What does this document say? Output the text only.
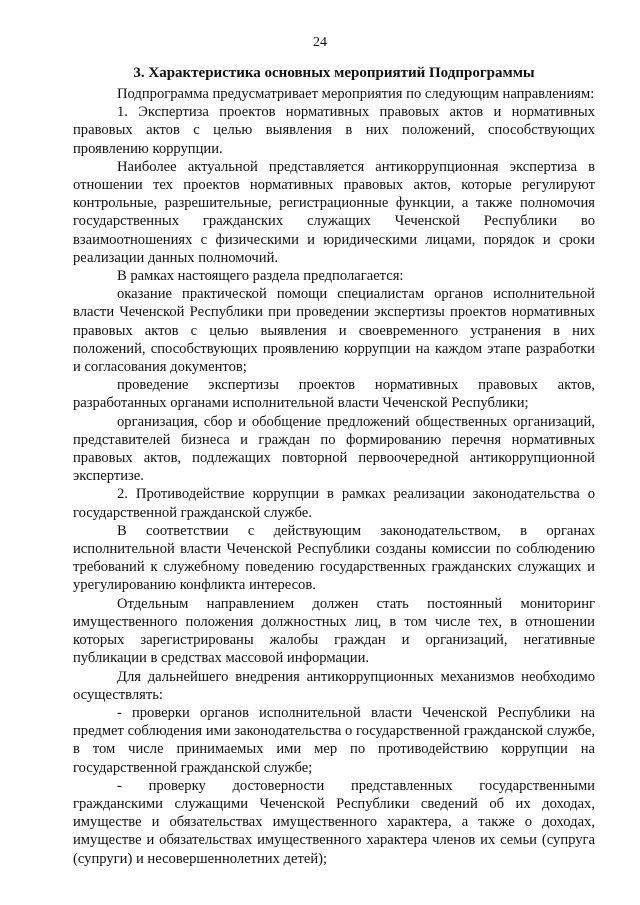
24
3. Характеристика основных мероприятий Подпрограммы

Подпрограмма предусматривает мероприятия по следующим направлениям:

1. Экспертиза проектов нормативных правовых актов и нормативных правовых актов с целью выявления в них положений, способствующих проявлению коррупции.

Наиболее актуальной представляется антикоррупционная экспертиза в отношении тех проектов нормативных правовых актов, которые регулируют контрольные, разрешительные, регистрационные функции, а также полномочия государственных гражданских служащих Чеченской Республики во взаимоотношениях с физическими и юридическими лицами, порядок и сроки реализации данных полномочий.

В рамках настоящего раздела предполагается:

оказание практической помощи специалистам органов исполнительной власти Чеченской Республики при проведении экспертизы проектов нормативных правовых актов с целью выявления и своевременного устранения в них положений, способствующих проявлению коррупции на каждом этапе разработки и согласования документов;

проведение экспертизы проектов нормативных правовых актов, разработанных органами исполнительной власти Чеченской Республики;

организация, сбор и обобщение предложений общественных организаций, представителей бизнеса и граждан по формированию перечня нормативных правовых актов, подлежащих повторной первоочередной антикоррупционной экспертизе.

2. Противодействие коррупции в рамках реализации законодательства о государственной гражданской службе.

В соответствии с действующим законодательством, в органах исполнительной власти Чеченской Республики созданы комиссии по соблюдению требований к служебному поведению государственных гражданских служащих и урегулированию конфликта интересов.

Отдельным направлением должен стать постоянный мониторинг имущественного положения должностных лиц, в том числе тех, в отношении которых зарегистрированы жалобы граждан и организаций, негативные публикации в средствах массовой информации.

Для дальнейшего внедрения антикоррупционных механизмов необходимо осуществлять:

- проверки органов исполнительной власти Чеченской Республики на предмет соблюдения ими законодательства о государственной гражданской службе, в том числе принимаемых ими мер по противодействию коррупции на государственной гражданской службе;

- проверку достоверности представленных государственными гражданскими служащими Чеченской Республики сведений об их доходах, имуществе и обязательствах имущественного характера, а также о доходах, имуществе и обязательствах имущественного характера членов их семьи (супруга (супруги) и несовершеннолетних детей);
